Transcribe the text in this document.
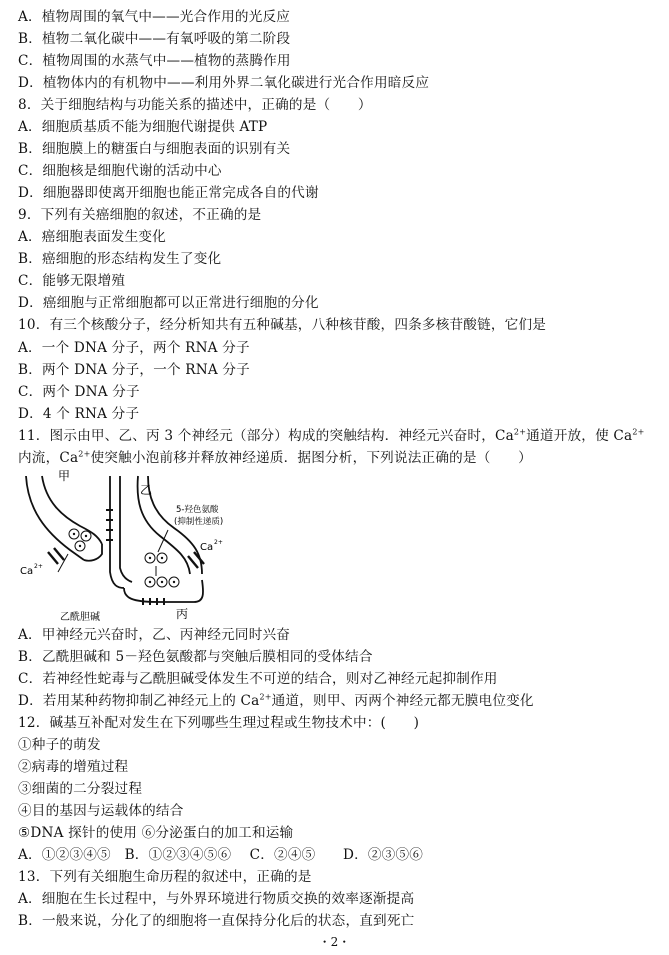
A．植物周围的氧气中——光合作用的光反应
B．植物二氧化碳中——有氧呼吸的第二阶段
C．植物周围的水蒸气中——植物的蒸腾作用
D．植物体内的有机物中——利用外界二氧化碳进行光合作用暗反应
8．关于细胞结构与功能关系的描述中，正确的是（　　）
A．细胞质基质不能为细胞代谢提供 ATP
B．细胞膜上的糖蛋白与细胞表面的识别有关
C．细胞核是细胞代谢的活动中心
D．细胞器即使离开细胞也能正常完成各自的代谢
9．下列有关癌细胞的叙述，不正确的是
A．癌细胞表面发生变化
B．癌细胞的形态结构发生了变化
C．能够无限增殖
D．癌细胞与正常细胞都可以正常进行细胞的分化
10．有三个核酸分子，经分析知共有五种碱基，八种核苷酸，四条多核苷酸链，它们是
A．一个 DNA 分子，两个 RNA 分子
B．两个 DNA 分子，一个 RNA 分子
C．两个 DNA 分子
D．4 个 RNA 分子
11．图示由甲、乙、丙 3 个神经元（部分）构成的突触结构．神经元兴奋时，$Ca^{2+}$通道开放，使 $Ca^{2+}$
内流，$Ca^{2+}$使突触小泡前移并释放神经递质．据图分析，下列说法正确的是（　　）
甲
乙
丙
5-羟色氨酸
(抑制性递质)
Ca 2+
Ca 2+
乙酰胆碱
A．甲神经元兴奋时，乙、丙神经元同时兴奋
B．乙酰胆碱和 5－羟色氨酸都与突触后膜相同的受体结合
C．若神经性蛇毒与乙酰胆碱受体发生不可逆的结合，则对乙神经元起抑制作用
D．若用某种药物抑制乙神经元上的 $Ca^{2+}$通道，则甲、丙两个神经元都无膜电位变化
12．碱基互补配对发生在下列哪些生理过程或生物技术中：(　　)
①种子的萌发
②病毒的增殖过程
③细菌的二分裂过程
④目的基因与运载体的结合
⑤DNA 探针的使用 ⑥分泌蛋白的加工和运输
A．①②③④⑤　B．①②③④⑤⑥　 C．②④⑤　　D．②③⑤⑥
13．下列有关细胞生命历程的叙述中，正确的是
A．细胞在生长过程中，与外界环境进行物质交换的效率逐渐提高
B．一般来说，分化了的细胞将一直保持分化后的状态，直到死亡
・2・
